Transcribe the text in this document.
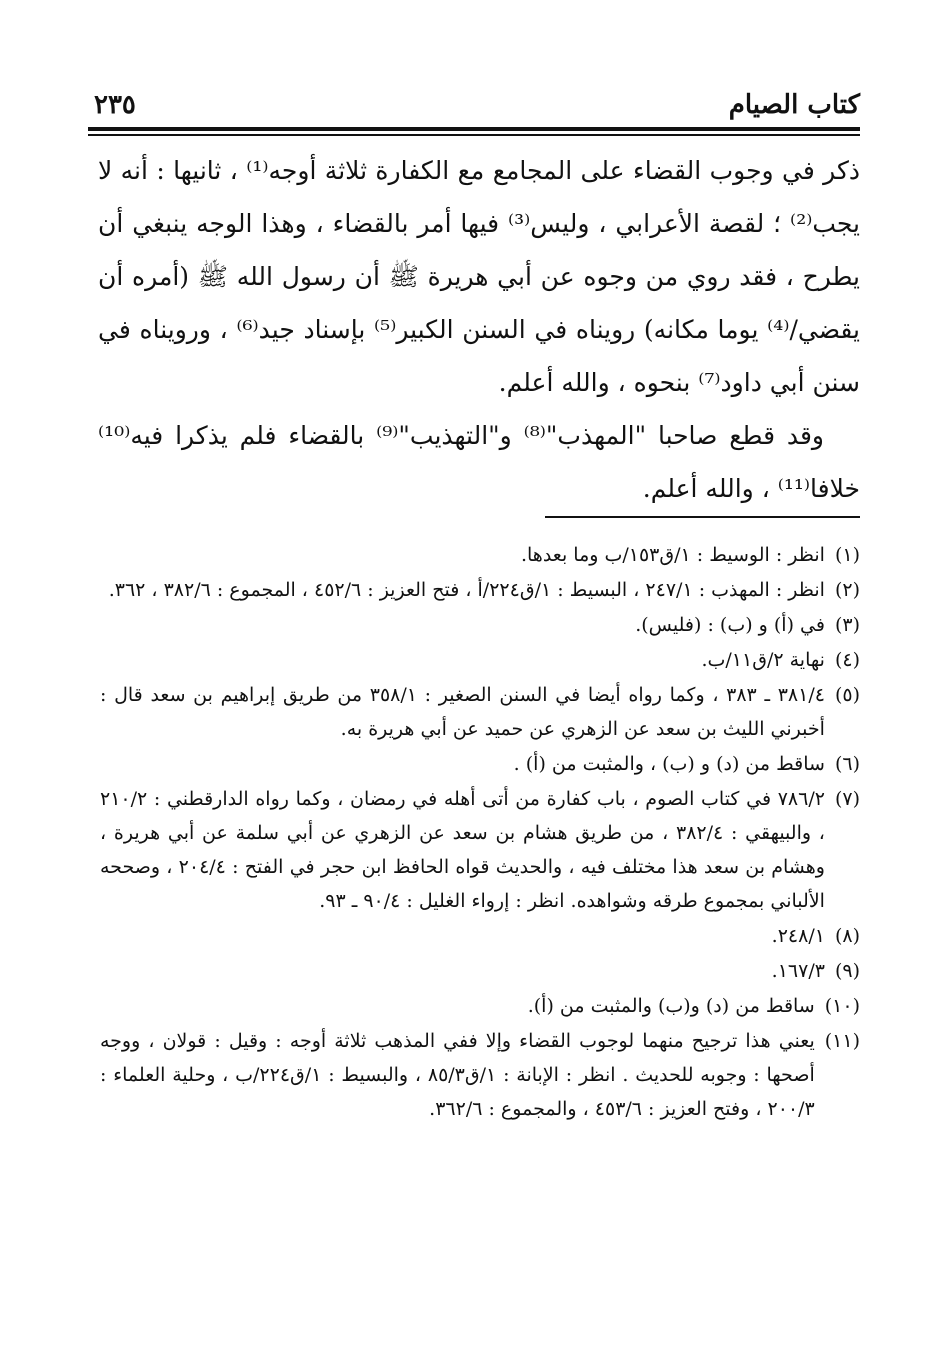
كتاب الصيام
٢٣٥

ذكر في وجوب القضاء على المجامع مع الكفارة ثلاثة أوجه⁽¹⁾ ، ثانيها : أنه لا يجب⁽²⁾ ؛ لقصة الأعرابي ، وليس⁽³⁾ فيها أمر بالقضاء ، وهذا الوجه ينبغي أن يطرح ، فقد روي من وجوه عن أبي هريرة ﷺ أن رسول الله ﷺ (أمره أن يقضي/⁽⁴⁾ يوما مكانه) رويناه في السنن الكبير⁽⁵⁾ بإسناد جيد⁽⁶⁾ ، ورويناه في سنن أبي داود⁽⁷⁾ بنحوه ، والله أعلم.

وقد قطع صاحبا "المهذب"⁽⁸⁾ و"التهذيب"⁽⁹⁾ بالقضاء فلم يذكرا فيه⁽¹⁰⁾ خلافا⁽¹¹⁾ ، والله أعلم.

(١)
انظر : الوسيط : ١/ق١٥٣/ب وما بعدها.
(٢)
انظر : المهذب : ٢٤٧/١ ، البسيط : ١/ق٢٢٤/أ ، فتح العزيز : ٤٥٢/٦ ، المجموع : ٣٨٢/٦ ، ٣٦٢.
(٣)
في (أ) و (ب) : (فليس).
(٤)
نهاية ٢/ق١١/ب.
(٥)
٣٨١/٤ ـ ٣٨٣ ، وكما رواه أيضا في السنن الصغير : ٣٥٨/١ من طريق إبراهيم بن سعد قال : أخبرني الليث بن سعد عن الزهري عن حميد عن أبي هريرة به.
(٦)
ساقط من (د) و (ب) ، والمثبت من (أ) .
(٧)
٧٨٦/٢ في كتاب الصوم ، باب كفارة من أتى أهله في رمضان ، وكما رواه الدارقطني : ٢١٠/٢ ، والبيهقي : ٣٨٢/٤ ، من طريق هشام بن سعد عن الزهري عن أبي سلمة عن أبي هريرة ، وهشام بن سعد هذا مختلف فيه ، والحديث قواه الحافظ ابن حجر في الفتح : ٢٠٤/٤ ، وصححه الألباني بمجموع طرقه وشواهده. انظر : إرواء الغليل : ٩٠/٤ ـ ٩٣.
(٨)
٢٤٨/١.
(٩)
١٦٧/٣.
(١٠)
ساقط من (د) و(ب) والمثبت من (أ).
(١١)
يعني هذا ترجيح منهما لوجوب القضاء وإلا ففي المذهب ثلاثة أوجه : وقيل : قولان ، ووجه أصحها : وجوبه للحديث . انظر : الإبانة : ١/ق٨٥/٣ ، والبسيط : ١/ق٢٢٤/ب ، وحلية العلماء : ٢٠٠/٣ ، وفتح العزيز : ٤٥٣/٦ ، والمجموع : ٣٦٢/٦.
